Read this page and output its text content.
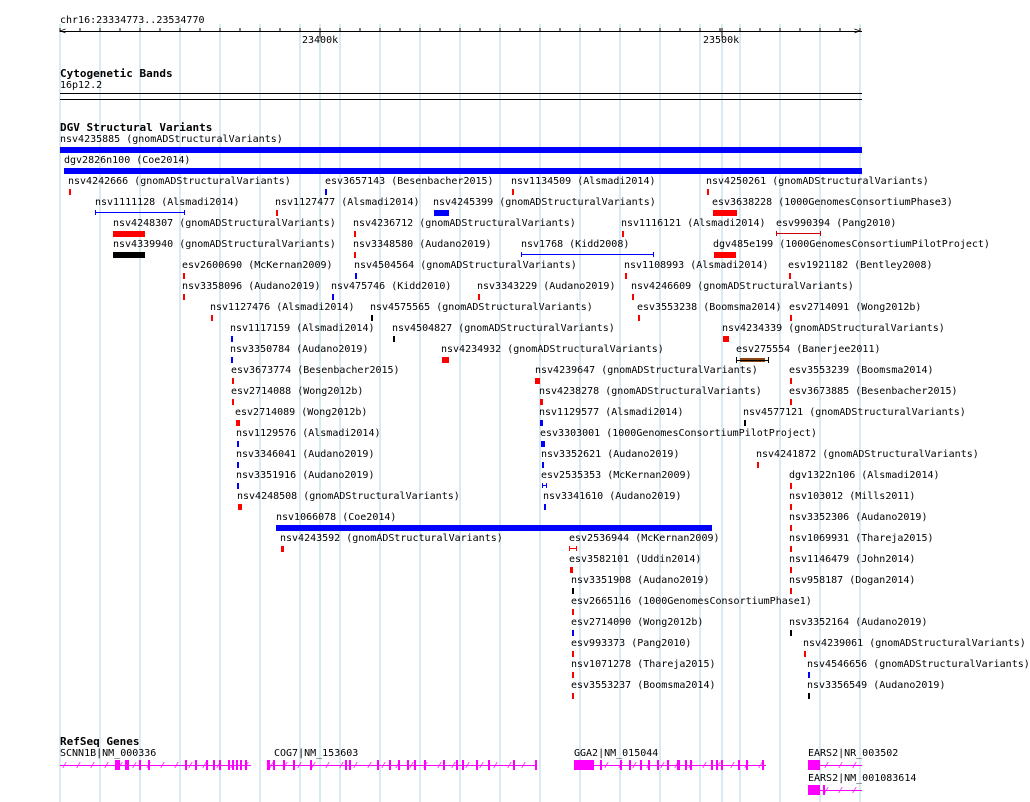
chr16:23334773..23534770
<	>
23400k	23500k
Cytogenetic Bands
16p12.2
DGV Structural Variants
nsv4235885 (gnomADStructuralVariants)
dgv2826n100 (Coe2014)
nsv4242666 (gnomADStructuralVariants)	esv3657143 (Besenbacher2015) nsv1134509 (Alsmadi2014)	nsv4250261 (gnomADStructuralVariants)
nsv1111128 (Alsmadi2014)	nsv1127477 (Alsmadi2014) nsv4245399 (gnomADStructuralVariants)	esv3638228 (1000GenomesConsortiumPhase3)
nsv4248307 (gnomADStructuralVariants) nsv4236712 (gnomADStructuralVariants)	nsv1116121 (Alsmadi2014) esv990394 (Pang2010)
nsv4339940 (gnomADStructuralVariants) nsv3348580 (Audano2019)	nsv1768 (Kidd2008)	dgv485e199 (1000GenomesConsortiumPilotProject)
esv2600690 (McKernan2009) nsv4504564 (gnomADStructuralVariants)	nsv1108993 (Alsmadi2014) esv1921182 (Bentley2008)
nsv3358096 (Audano2019) nsv475746 (Kidd2010)	nsv3343229 (Audano2019) nsv4246609 (gnomADStructuralVariants)
nsv1127476 (Alsmadi2014) nsv4575565 (gnomADStructuralVariants)	esv3553238 (Boomsma2014) esv2714091 (Wong2012b)
nsv1117159 (Alsmadi2014) nsv4504827 (gnomADStructuralVariants)	nsv4234339 (gnomADStructuralVariants)
nsv3350784 (Audano2019)	nsv4234932 (gnomADStructuralVariants)	esv275554 (Banerjee2011)
esv3673774 (Besenbacher2015)	nsv4239647 (gnomADStructuralVariants)	esv3553239 (Boomsma2014)
esv2714088 (Wong2012b)	nsv4238278 (gnomADStructuralVariants)	esv3673885 (Besenbacher2015)
esv2714089 (Wong2012b)	nsv1129577 (Alsmadi2014)	nsv4577121 (gnomADStructuralVariants)
nsv1129576 (Alsmadi2014)	esv3303001 (1000GenomesConsortiumPilotProject)
nsv3346041 (Audano2019)	nsv3352621 (Audano2019)	nsv4241872 (gnomADStructuralVariants)
nsv3351916 (Audano2019)	esv2535353 (McKernan2009)	dgv1322n106 (Alsmadi2014)
nsv4248508 (gnomADStructuralVariants)	nsv3341610 (Audano2019)	nsv103012 (Mills2011)
nsv1066078 (Coe2014)	nsv3352306 (Audano2019)
nsv4243592 (gnomADStructuralVariants)	esv2536944 (McKernan2009)	nsv1069931 (Thareja2015)
esv3582101 (Uddin2014)	nsv1146479 (John2014)
nsv3351908 (Audano2019)	nsv958187 (Dogan2014)
esv2665116 (1000GenomesConsortiumPhase1)
esv2714090 (Wong2012b)	nsv3352164 (Audano2019)
esv993373 (Pang2010)	nsv4239061 (gnomADStructuralVariants)
nsv1071278 (Thareja2015)	nsv4546656 (gnomADStructuralVariants)
esv3553237 (Boomsma2014)	nsv3356549 (Audano2019)
RefSeq Genes
SCNN1B|NM_000336	COG7|NM_153603	GGA2|NM_015044	EARS2|NR_003502
EARS2|NM_001083614
